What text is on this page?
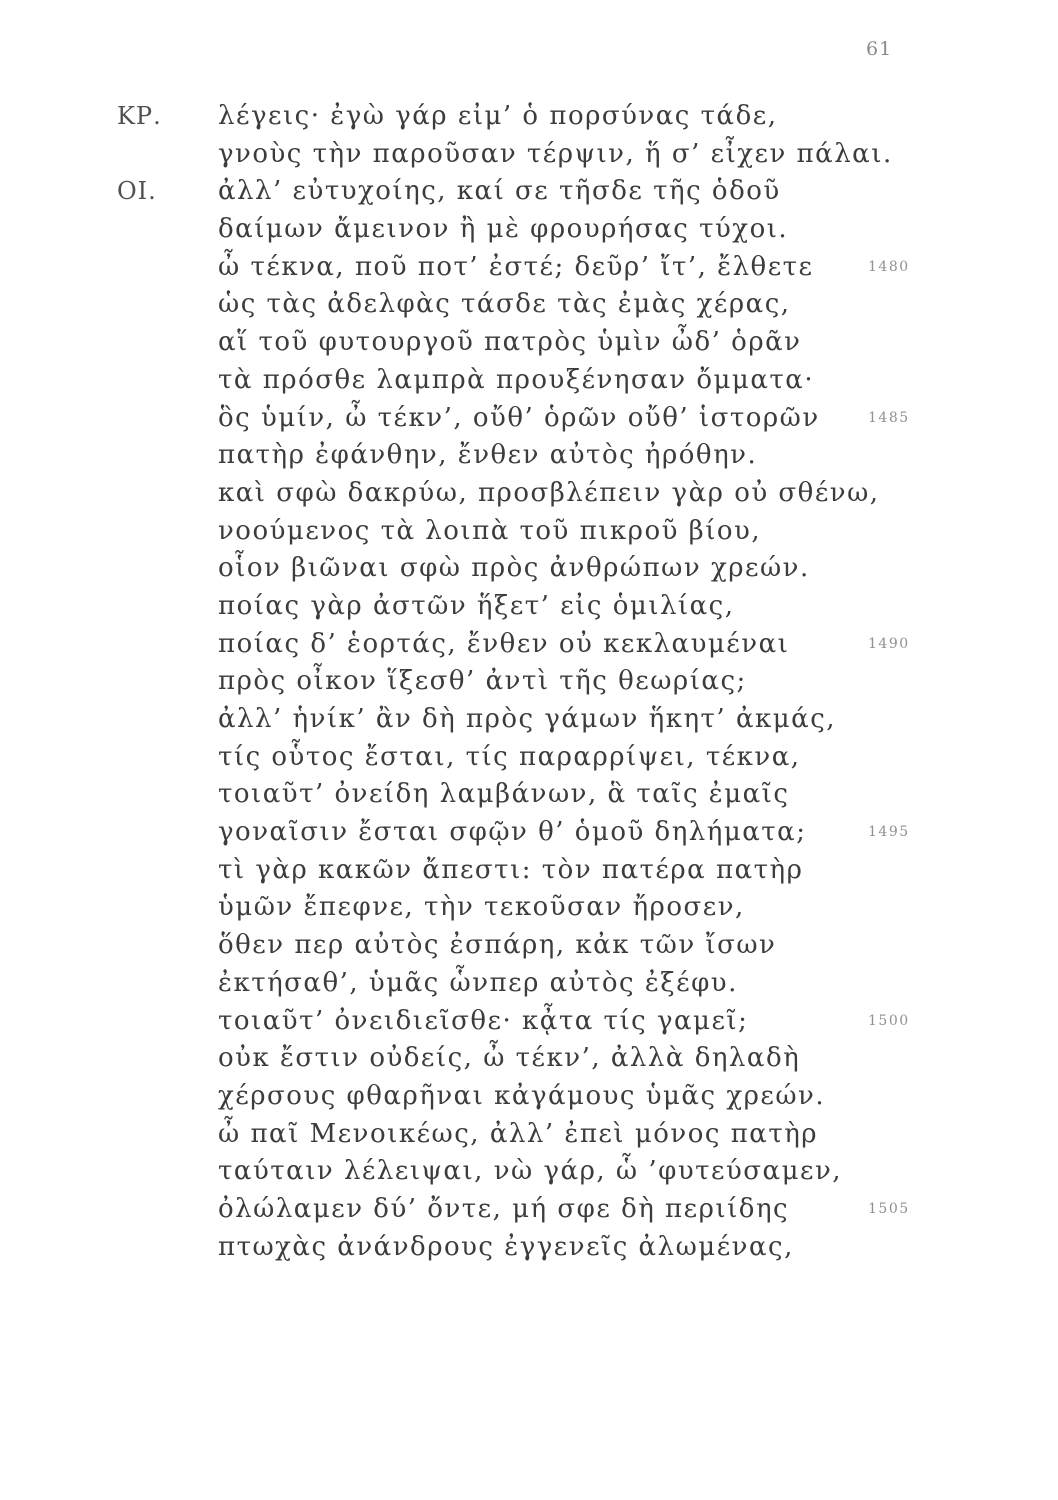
61
ΚΡ. λέγεις· ἐγὼ γάρ εἰμ’ ὁ πορσύνας τάδε,
γνοὺς τὴν παροῦσαν τέρψιν, ἥ σ’ εἶχεν πάλαι.
ΟΙ. ἀλλ’ εὐτυχοίης, καί σε τῆσδε τῆς ὁδοῦ
δαίμων ἄμεινον ἢ μὲ φρουρήσας τύχοι.
ὦ τέκνα, ποῦ ποτ’ ἐστέ; δεῦρ’ ἴτ’, ἔλθετε	1480
ὡς τὰς ἀδελφὰς τάσδε τὰς ἐμὰς χέρας,
αἵ τοῦ φυτουργοῦ πατρὸς ὑμὶν ὦδ’ ὁρᾶν
τὰ πρόσθε λαμπρὰ προυξένησαν ὄμματα·
ὃς ὑμίν, ὦ τέκν’, οὔθ’ ὁρῶν οὔθ’ ἱστορῶν	1485
πατὴρ ἐφάνθην, ἔνθεν αὐτὸς ἠρόθην.
καὶ σφὼ δακρύω, προσβλέπειν γὰρ οὐ σθένω,
νοούμενος τὰ λοιπὰ τοῦ πικροῦ βίου,
οἷον βιῶναι σφὼ πρὸς ἀνθρώπων χρεών.
ποίας γὰρ ἀστῶν ἥξετ’ εἰς ὁμιλίας,
ποίας δ’ ἑορτάς, ἔνθεν οὐ κεκλαυμέναι	1490
πρὸς οἶκον ἵξεσθ’ ἀντὶ τῆς θεωρίας;
ἀλλ’ ἡνίκ’ ἂν δὴ πρὸς γάμων ἥκητ’ ἀκμάς,
τίς οὗτος ἔσται, τίς παραρρίψει, τέκνα,
τοιαῦτ’ ὀνείδη λαμβάνων, ἃ ταῖς ἐμαῖς
γοναῖσιν ἔσται σφῷν θ’ ὁμοῦ δηλήματα;	1495
τὶ γὰρ κακῶν ἄπεστι: τὸν πατέρα πατὴρ
ὑμῶν ἔπεφνε, τὴν τεκοῦσαν ἤροσεν,
ὅθεν περ αὐτὸς ἐσπάρη, κἀκ τῶν ἴσων
ἐκτήσαθ’, ὑμᾶς ὧνπερ αὐτὸς ἐξέφυ.
τοιαῦτ’ ὀνειδιεῖσθε· κᾆτα τίς γαμεῖ;	1500
οὐκ ἔστιν οὐδείς, ὦ τέκν’, ἀλλὰ δηλαδὴ
χέρσους φθαρῆναι κἀγάμους ὑμᾶς χρεών.
ὦ παῖ Μενοικέως, ἀλλ’ ἐπεὶ μόνος πατὴρ
ταύταιν λέλειψαι, νὼ γάρ, ὧ ’φυτεύσαμεν,
ὀλώλαμεν δύ’ ὄντε, μή σφε δὴ περιίδης	1505
πτωχὰς ἀνάνδρους ἐγγενεῖς ἀλωμένας,
